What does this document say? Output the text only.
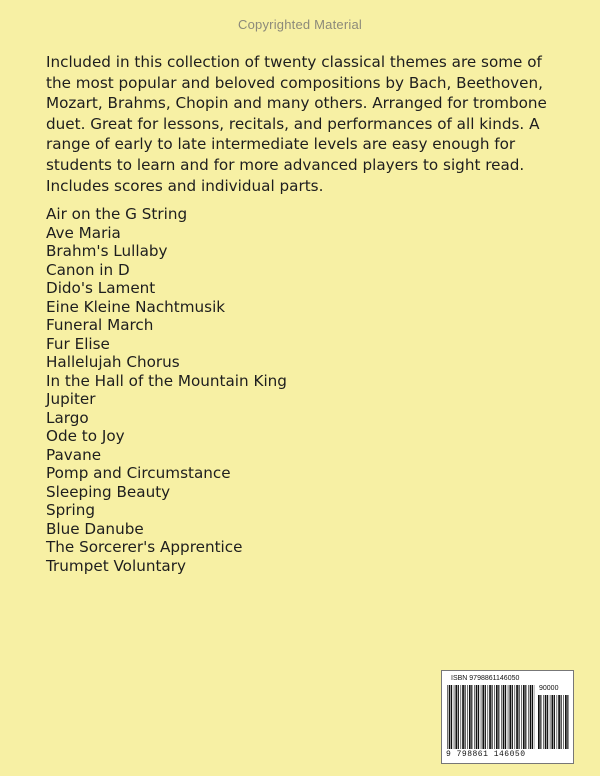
Copyrighted Material

Included in this collection of twenty classical themes are some of the most popular and beloved compositions by Bach, Beethoven, Mozart, Brahms, Chopin and many others. Arranged for trombone duet. Great for lessons, recitals, and performances of all kinds. A range of early to late intermediate levels are easy enough for students to learn and for more advanced players to sight read. Includes scores and individual parts.

Air on the G String
Ave Maria
Brahm's Lullaby
Canon in D
Dido's Lament
Eine Kleine Nachtmusik
Funeral March
Fur Elise
Hallelujah Chorus
In the Hall of the Mountain King
Jupiter
Largo
Ode to Joy
Pavane
Pomp and Circumstance
Sleeping Beauty
Spring
Blue Danube
The Sorcerer's Apprentice
Trumpet Voluntary
ISBN 9798861146050
90000
9 798861 146050
